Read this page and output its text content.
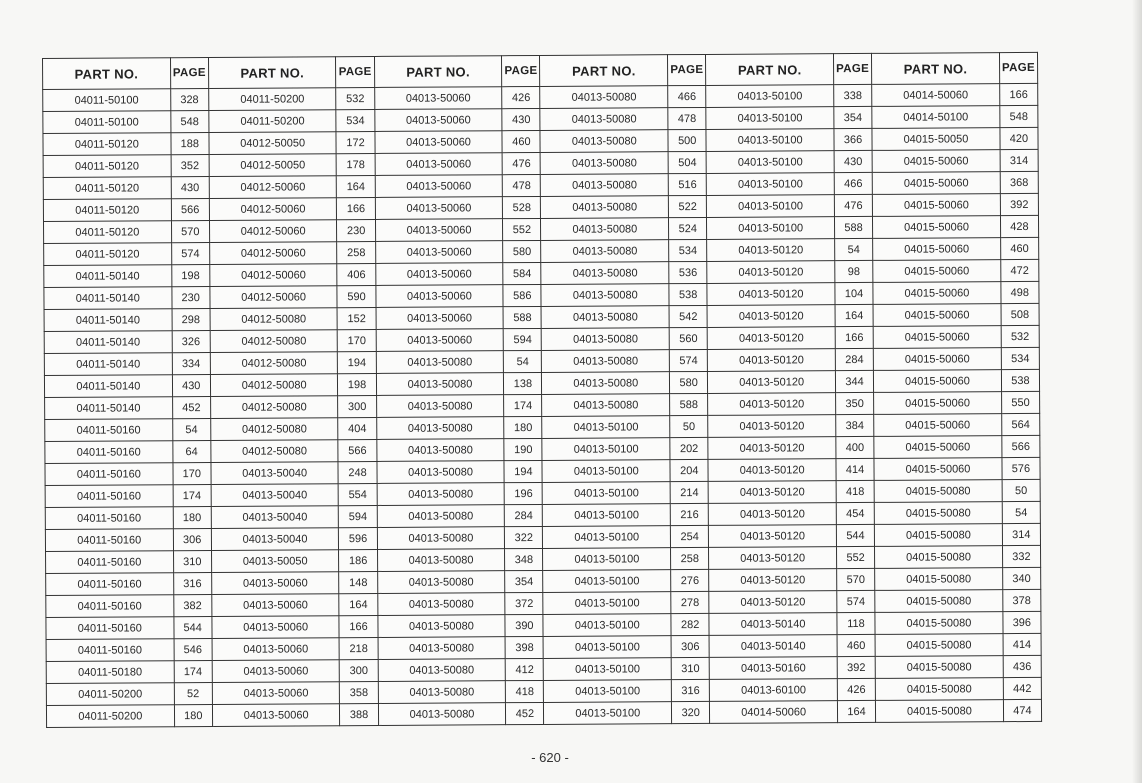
PART NO.	PAGE	PART NO.	PAGE	PART NO.	PAGE	PART NO.	PAGE	PART NO.	PAGE	PART NO.	PAGE
04011-50100	328	04011-50200	532	04013-50060	426	04013-50080	466	04013-50100	338	04014-50060	166
04011-50100	548	04011-50200	534	04013-50060	430	04013-50080	478	04013-50100	354	04014-50100	548
04011-50120	188	04012-50050	172	04013-50060	460	04013-50080	500	04013-50100	366	04015-50050	420
04011-50120	352	04012-50050	178	04013-50060	476	04013-50080	504	04013-50100	430	04015-50060	314
04011-50120	430	04012-50060	164	04013-50060	478	04013-50080	516	04013-50100	466	04015-50060	368
04011-50120	566	04012-50060	166	04013-50060	528	04013-50080	522	04013-50100	476	04015-50060	392
04011-50120	570	04012-50060	230	04013-50060	552	04013-50080	524	04013-50100	588	04015-50060	428
04011-50120	574	04012-50060	258	04013-50060	580	04013-50080	534	04013-50120	54	04015-50060	460
04011-50140	198	04012-50060	406	04013-50060	584	04013-50080	536	04013-50120	98	04015-50060	472
04011-50140	230	04012-50060	590	04013-50060	586	04013-50080	538	04013-50120	104	04015-50060	498
04011-50140	298	04012-50080	152	04013-50060	588	04013-50080	542	04013-50120	164	04015-50060	508
04011-50140	326	04012-50080	170	04013-50060	594	04013-50080	560	04013-50120	166	04015-50060	532
04011-50140	334	04012-50080	194	04013-50080	54	04013-50080	574	04013-50120	284	04015-50060	534
04011-50140	430	04012-50080	198	04013-50080	138	04013-50080	580	04013-50120	344	04015-50060	538
04011-50140	452	04012-50080	300	04013-50080	174	04013-50080	588	04013-50120	350	04015-50060	550
04011-50160	54	04012-50080	404	04013-50080	180	04013-50100	50	04013-50120	384	04015-50060	564
04011-50160	64	04012-50080	566	04013-50080	190	04013-50100	202	04013-50120	400	04015-50060	566
04011-50160	170	04013-50040	248	04013-50080	194	04013-50100	204	04013-50120	414	04015-50060	576
04011-50160	174	04013-50040	554	04013-50080	196	04013-50100	214	04013-50120	418	04015-50080	50
04011-50160	180	04013-50040	594	04013-50080	284	04013-50100	216	04013-50120	454	04015-50080	54
04011-50160	306	04013-50040	596	04013-50080	322	04013-50100	254	04013-50120	544	04015-50080	314
04011-50160	310	04013-50050	186	04013-50080	348	04013-50100	258	04013-50120	552	04015-50080	332
04011-50160	316	04013-50060	148	04013-50080	354	04013-50100	276	04013-50120	570	04015-50080	340
04011-50160	382	04013-50060	164	04013-50080	372	04013-50100	278	04013-50120	574	04015-50080	378
04011-50160	544	04013-50060	166	04013-50080	390	04013-50100	282	04013-50140	118	04015-50080	396
04011-50160	546	04013-50060	218	04013-50080	398	04013-50100	306	04013-50140	460	04015-50080	414
04011-50180	174	04013-50060	300	04013-50080	412	04013-50100	310	04013-50160	392	04015-50080	436
04011-50200	52	04013-50060	358	04013-50080	418	04013-50100	316	04013-60100	426	04015-50080	442
04011-50200	180	04013-50060	388	04013-50080	452	04013-50100	320	04014-50060	164	04015-50080	474
- 620 -
